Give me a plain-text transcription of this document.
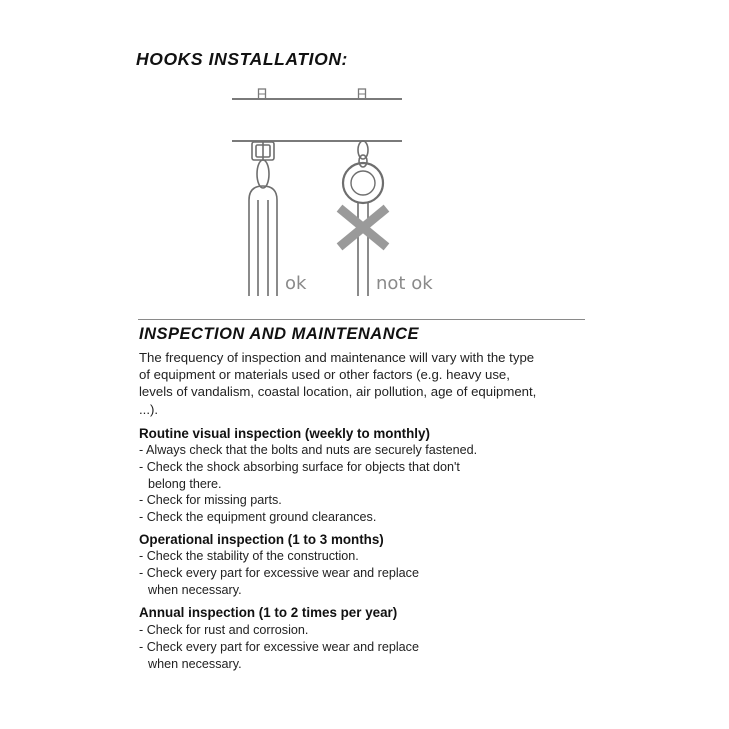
HOOKS INSTALLATION:
ok	not ok
INSPECTION AND MAINTENANCE
The frequency of inspection and maintenance will vary with the type
of equipment or materials used or other factors (e.g. heavy use,
levels of vandalism, coastal location, air pollution, age of equipment,
...).
Routine visual inspection (weekly to monthly)
- Always check that the bolts and nuts are securely fastened.
- Check the shock absorbing surface for objects that don't
belong there.
- Check for missing parts.
- Check the equipment ground clearances.
Operational inspection (1 to 3 months)
- Check the stability of the construction.
- Check every part for excessive wear and replace
when necessary.
Annual inspection (1 to 2 times per year)
- Check for rust and corrosion.
- Check every part for excessive wear and replace
when necessary.
